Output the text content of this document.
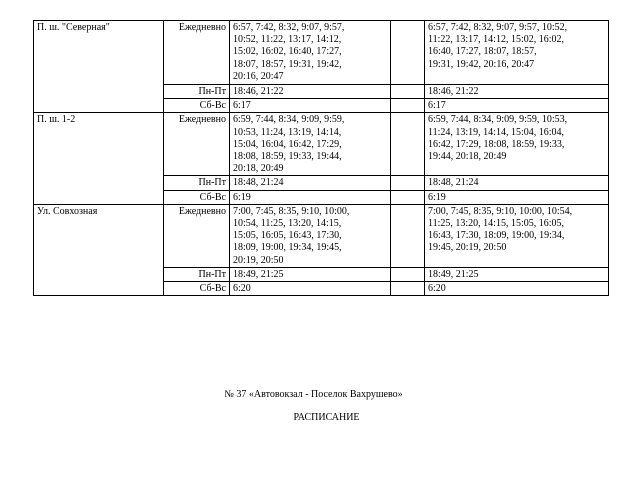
П. ш. "Северная"	Ежедневно	6:57, 7:42, 8:32, 9:07, 9:57,
10:52, 11:22, 13:17, 14:12,
15:02, 16:02, 16:40, 17:27,
18:07, 18:57, 19:31, 19:42,
20:16, 20:47		6:57, 7:42, 8:32, 9:07, 9:57, 10:52,
11:22, 13:17, 14:12, 15:02, 16:02,
16:40, 17:27, 18:07, 18:57,
19:31, 19:42, 20:16, 20:47
	Пн-Пт	18:46, 21:22		18:46, 21:22
	Сб-Вс	6:17		6:17
П. ш. 1-2	Ежедневно	6:59, 7:44, 8:34, 9:09, 9:59,
10:53, 11:24, 13:19, 14:14,
15:04, 16:04, 16:42, 17:29,
18:08, 18:59, 19:33, 19:44,
20:18, 20:49		6:59, 7:44, 8:34, 9:09, 9:59, 10:53,
11:24, 13:19, 14:14, 15:04, 16:04,
16:42, 17:29, 18:08, 18:59, 19:33,
19:44, 20:18, 20:49
	Пн-Пт	18:48, 21:24		18:48, 21:24
	Сб-Вс	6:19		6:19
Ул. Совхозная	Ежедневно	7:00, 7:45, 8:35, 9:10, 10:00,
10:54, 11:25, 13:20, 14:15,
15:05, 16:05, 16:43, 17:30,
18:09, 19:00, 19:34, 19:45,
20:19, 20:50		7:00, 7:45, 8:35, 9:10, 10:00, 10:54,
11:25, 13:20, 14:15, 15:05, 16:05,
16:43, 17:30, 18:09, 19:00, 19:34,
19:45, 20:19, 20:50
	Пн-Пт	18:49, 21:25		18:49, 21:25
	Сб-Вс	6:20		6:20
№ 37 «Автовокзал - Поселок Вахрушево»
РАСПИСАНИЕ
